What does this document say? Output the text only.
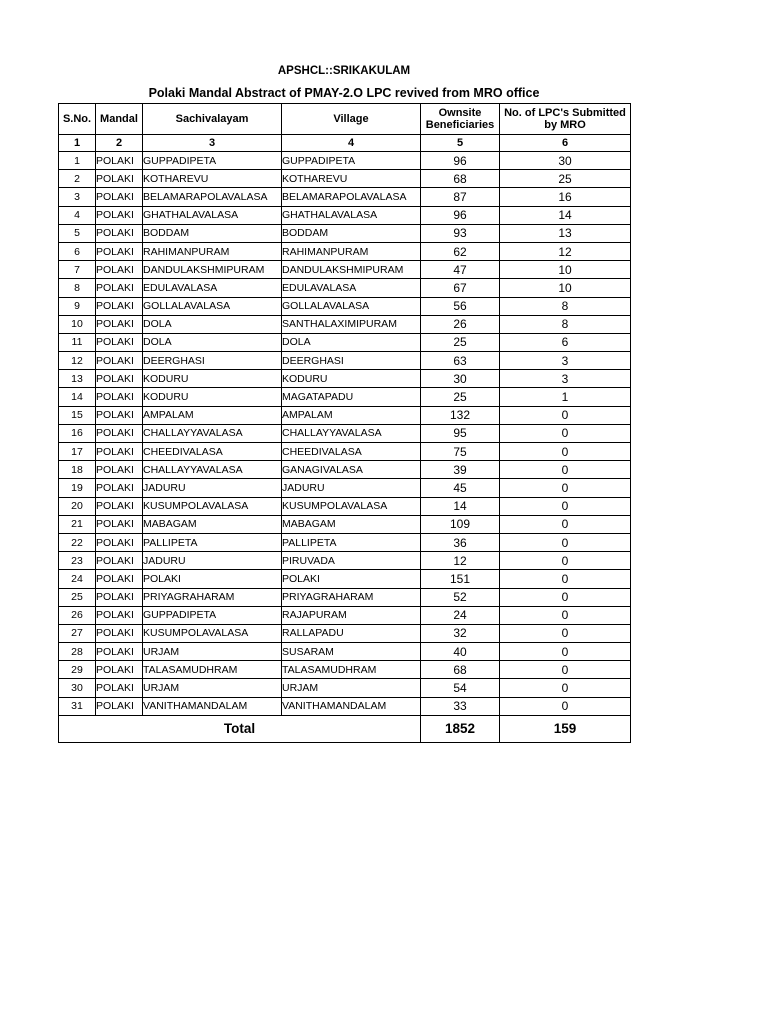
APSHCL::SRIKAKULAM
Polaki Mandal Abstract of PMAY-2.O LPC revived from MRO office
S.No.	Mandal	Sachivalayam	Village	Ownsite Beneficiaries	No. of LPC's Submitted by MRO
1	2	3	4	5	6
1	POLAKI	GUPPADIPETA	GUPPADIPETA	96	30
2	POLAKI	KOTHAREVU	KOTHAREVU	68	25
3	POLAKI	BELAMARAPOLAVALASA	BELAMARAPOLAVALASA	87	16
4	POLAKI	GHATHALAVALASA	GHATHALAVALASA	96	14
5	POLAKI	BODDAM	BODDAM	93	13
6	POLAKI	RAHIMANPURAM	RAHIMANPURAM	62	12
7	POLAKI	DANDULAKSHMIPURAM	DANDULAKSHMIPURAM	47	10
8	POLAKI	EDULAVALASA	EDULAVALASA	67	10
9	POLAKI	GOLLALAVALASA	GOLLALAVALASA	56	8
10	POLAKI	DOLA	SANTHALAXIMIPURAM	26	8
11	POLAKI	DOLA	DOLA	25	6
12	POLAKI	DEERGHASI	DEERGHASI	63	3
13	POLAKI	KODURU	KODURU	30	3
14	POLAKI	KODURU	MAGATAPADU	25	1
15	POLAKI	AMPALAM	AMPALAM	132	0
16	POLAKI	CHALLAYYAVALASA	CHALLAYYAVALASA	95	0
17	POLAKI	CHEEDIVALASA	CHEEDIVALASA	75	0
18	POLAKI	CHALLAYYAVALASA	GANAGIVALASA	39	0
19	POLAKI	JADURU	JADURU	45	0
20	POLAKI	KUSUMPOLAVALASA	KUSUMPOLAVALASA	14	0
21	POLAKI	MABAGAM	MABAGAM	109	0
22	POLAKI	PALLIPETA	PALLIPETA	36	0
23	POLAKI	JADURU	PIRUVADA	12	0
24	POLAKI	POLAKI	POLAKI	151	0
25	POLAKI	PRIYAGRAHARAM	PRIYAGRAHARAM	52	0
26	POLAKI	GUPPADIPETA	RAJAPURAM	24	0
27	POLAKI	KUSUMPOLAVALASA	RALLAPADU	32	0
28	POLAKI	URJAM	SUSARAM	40	0
29	POLAKI	TALASAMUDHRAM	TALASAMUDHRAM	68	0
30	POLAKI	URJAM	URJAM	54	0
31	POLAKI	VANITHAMANDALAM	VANITHAMANDALAM	33	0
Total				1852	159
